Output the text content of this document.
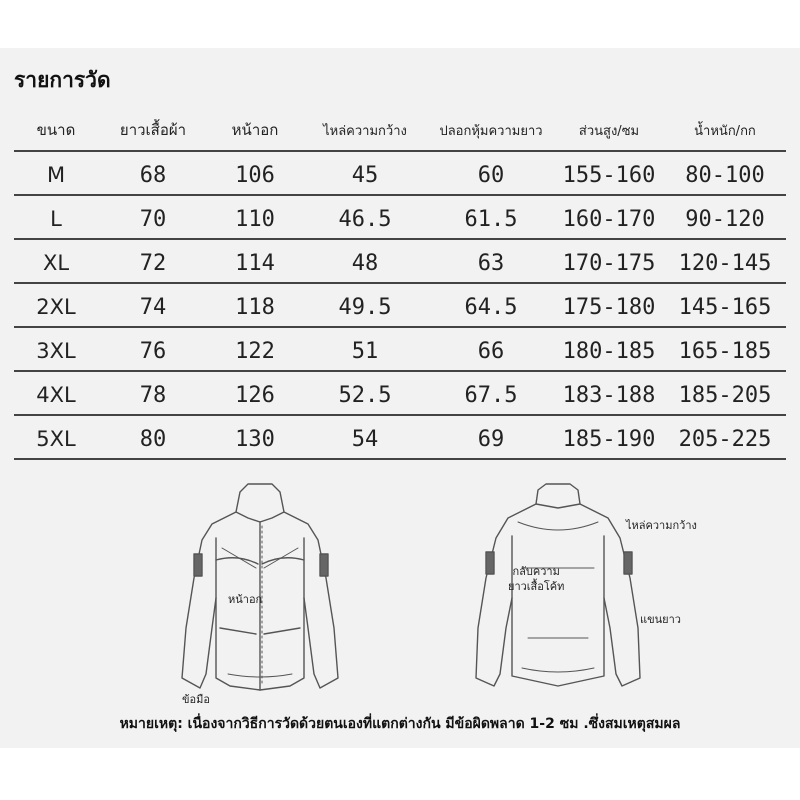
รายการวัด
ขนาด	ยาวเสื้อผ้า	หน้าอก	ไหล่ความกว้าง	ปลอกหุ้มความยาว	ส่วนสูง/ซม	น้ำหนัก/กก
M	68	106	45	60	155-160	80-100
L	70	110	46.5	61.5	160-170	90-120
XL	72	114	48	63	170-175	120-145
2XL	74	118	49.5	64.5	175-180	145-165
3XL	76	122	51	66	180-185	165-185
4XL	78	126	52.5	67.5	183-188	185-205
5XL	80	130	54	69	185-190	205-225
หน้าอก
ข้อมือ
ไหล่ความกว้าง
กลับความ
ยาวเสื้อโค้ท
แขนยาว
หมายเหตุ: เนื่องจากวิธีการวัดด้วยตนเองที่แตกต่างกัน มีข้อผิดพลาด 1-2 ซม .ซึ่งสมเหตุสมผล
